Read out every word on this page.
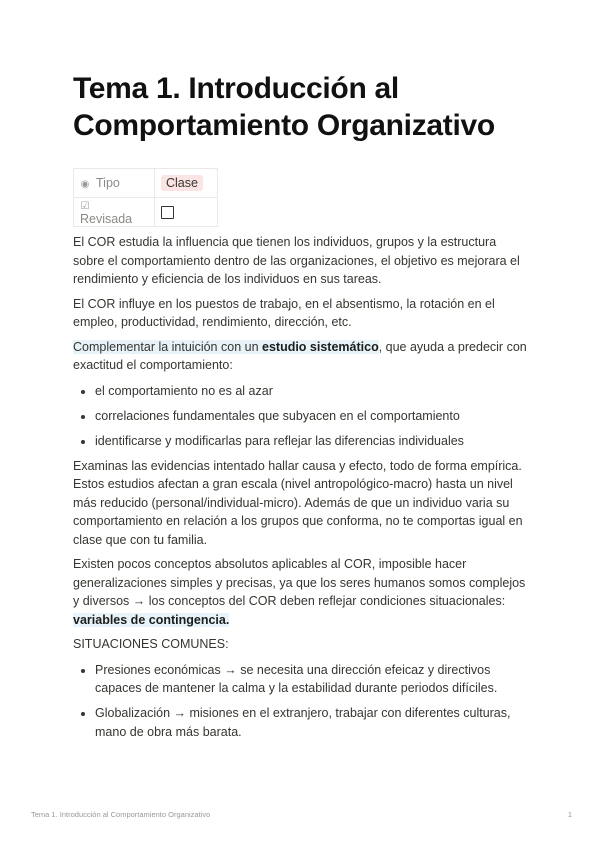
Tema 1. Introducción al
Comportamiento Organizativo
◉ Tipo	Clase
☑Revisada	

El COR estudia la influencia que tienen los individuos, grupos y la estructura sobre el comportamiento dentro de las organizaciones, el objetivo es mejorara el rendimiento y eficiencia de los individuos en sus tareas.

El COR influye en los puestos de trabajo, en el absentismo, la rotación en el empleo, productividad, rendimiento, dirección, etc.

Complementar la intuición con un estudio sistemático, que ayuda a predecir con exactitud el comportamiento:

• el comportamiento no es al azar
• correlaciones fundamentales que subyacen en el comportamiento
• identificarse y modificarlas para reflejar las diferencias individuales

Examinas las evidencias intentado hallar causa y efecto, todo de forma empírica. Estos estudios afectan a gran escala (nivel antropológico-macro) hasta un nivel más reducido (personal/individual-micro). Además de que un individuo varia su comportamiento en relación a los grupos que conforma, no te comportas igual en clase que con tu familia.

Existen pocos conceptos absolutos aplicables al COR, imposible hacer generalizaciones simples y precisas, ya que los seres humanos somos complejos y diversos → los conceptos del COR deben reflejar condiciones situacionales: variables de contingencia.

SITUACIONES COMUNES:

• Presiones económicas → se necesita una dirección efeicaz y directivos capaces de mantener la calma y la estabilidad durante periodos difíciles.
• Globalización → misiones en el extranjero, trabajar con diferentes culturas, mano de obra más barata.
Tema 1. Introducción al Comportamiento Organizativo	1
